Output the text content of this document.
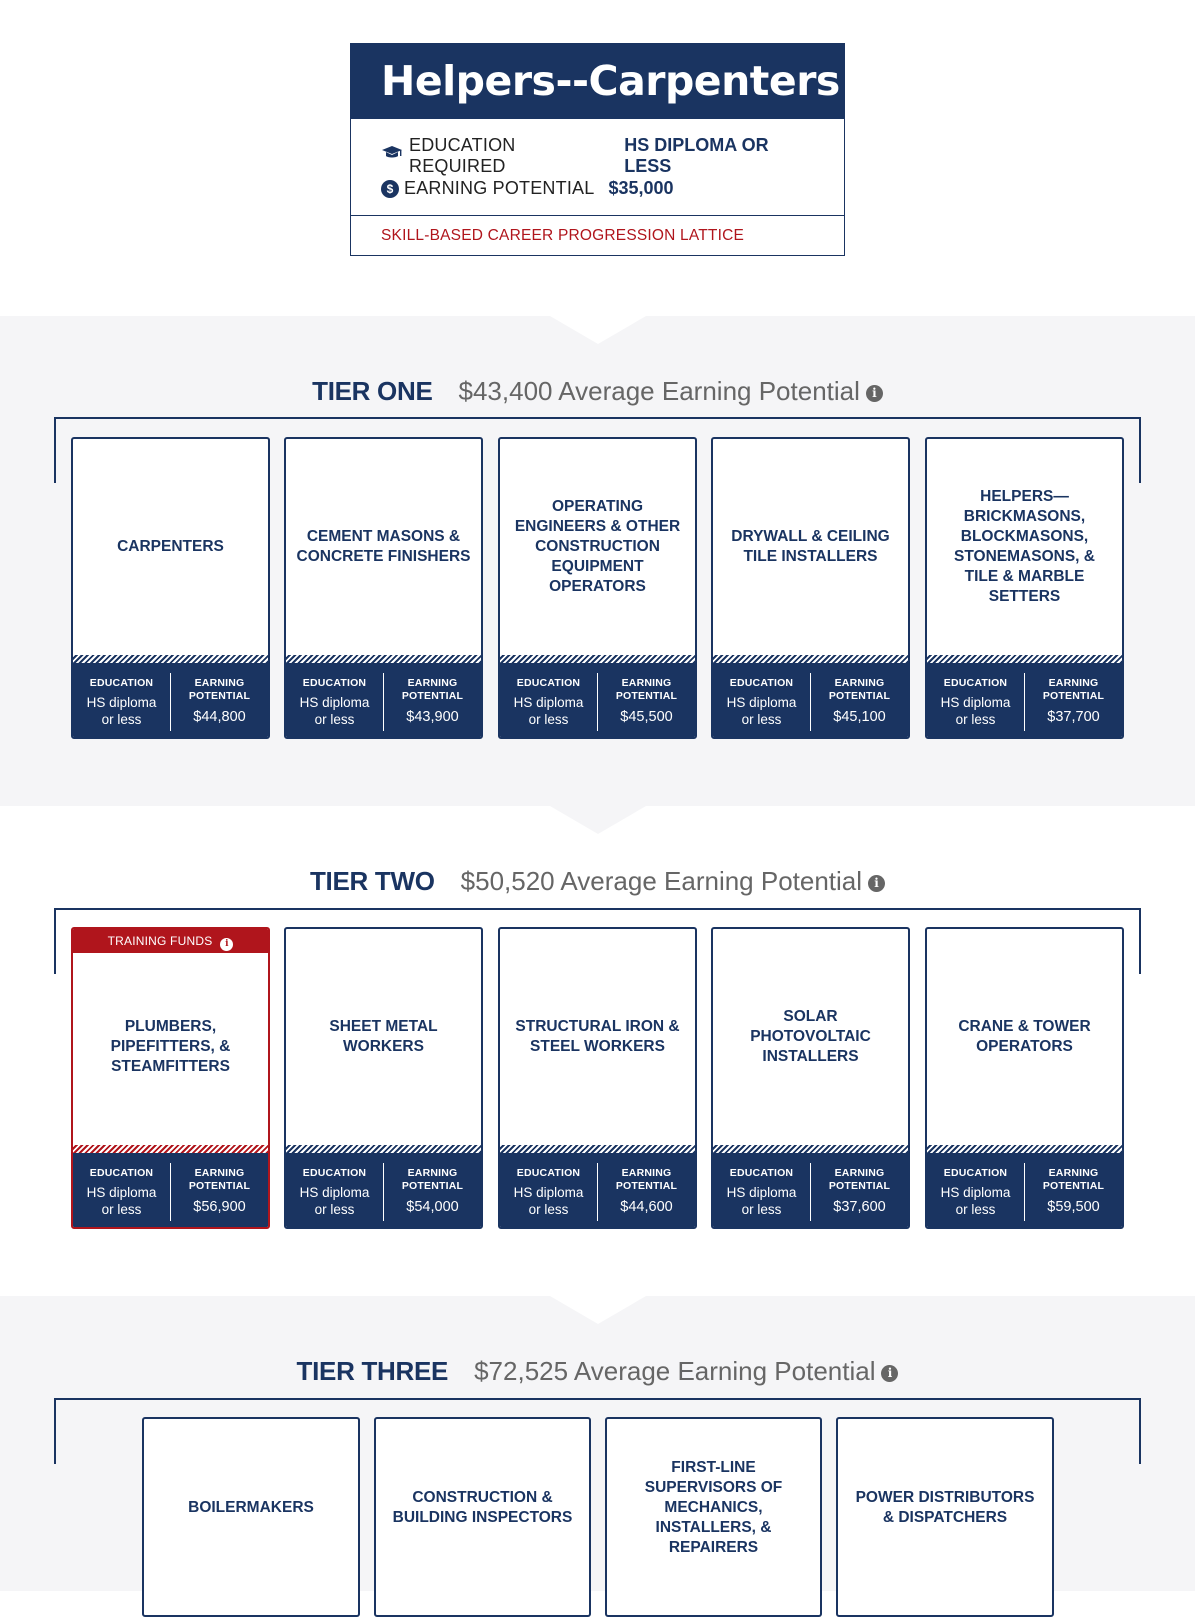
Helpers--Carpenters
EDUCATION REQUIRED
HS DIPLOMA OR LESS
$ EARNING POTENTIAL $35,000
SKILL-BASED CAREER PROGRESSION LATTICE
TIER ONE $43,400 Average Earning Potential i
TIER TWO $50,520 Average Earning Potential i
TIER THREE $72,525 Average Earning Potential i
CARPENTERS
EDUCATION
HS diploma
or less
EARNING
POTENTIAL
$44,800
CEMENT MASONS & CONCRETE FINISHERS
EDUCATION
HS diploma
or less
EARNING
POTENTIAL
$43,900
OPERATING ENGINEERS & OTHER CONSTRUCTION EQUIPMENT OPERATORS
EDUCATION
HS diploma
or less
EARNING
POTENTIAL
$45,500
DRYWALL & CEILING TILE INSTALLERS
EDUCATION
HS diploma
or less
EARNING
POTENTIAL
$45,100
HELPERS—BRICKMASONS, BLOCKMASONS, STONEMASONS, & TILE & MARBLE SETTERS
EDUCATION
HS diploma
or less
EARNING
POTENTIAL
$37,700
TRAINING FUNDS i
PLUMBERS, PIPEFITTERS, & STEAMFITTERS
EDUCATION
HS diploma
or less
EARNING
POTENTIAL
$56,900
SHEET METAL WORKERS
EDUCATION
HS diploma
or less
EARNING
POTENTIAL
$54,000
STRUCTURAL IRON & STEEL WORKERS
EDUCATION
HS diploma
or less
EARNING
POTENTIAL
$44,600
SOLAR PHOTOVOLTAIC INSTALLERS
EDUCATION
HS diploma
or less
EARNING
POTENTIAL
$37,600
CRANE & TOWER OPERATORS
EDUCATION
HS diploma
or less
EARNING
POTENTIAL
$59,500
BOILERMAKERS
CONSTRUCTION & BUILDING INSPECTORS
FIRST-LINE SUPERVISORS OF MECHANICS, INSTALLERS, & REPAIRERS
POWER DISTRIBUTORS & DISPATCHERS
